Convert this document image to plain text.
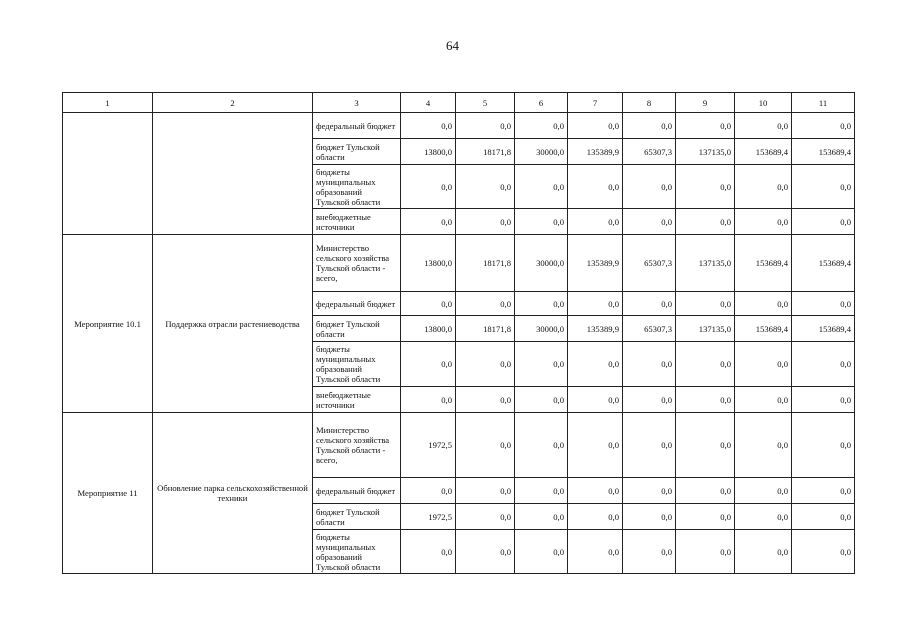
64
1	2	3	4	5	6	7	8	9	10	11
		федеральный бюджет	0,0	0,0	0,0	0,0	0,0	0,0	0,0	0,0
		бюджет Тульской области	13800,0	18171,8	30000,0	135389,9	65307,3	137135,0	153689,4	153689,4
		бюджеты муниципальных образований Тульской области	0,0	0,0	0,0	0,0	0,0	0,0	0,0	0,0
		внебюджетные источники	0,0	0,0	0,0	0,0	0,0	0,0	0,0	0,0
Мероприятие 10.1	Поддержка отрасли растениеводства	Министерство сельского хозяйства Тульской области - всего,	13800,0	18171,8	30000,0	135389,9	65307,3	137135,0	153689,4	153689,4
		федеральный бюджет	0,0	0,0	0,0	0,0	0,0	0,0	0,0	0,0
		бюджет Тульской области	13800,0	18171,8	30000,0	135389,9	65307,3	137135,0	153689,4	153689,4
		бюджеты муниципальных образований Тульской области	0,0	0,0	0,0	0,0	0,0	0,0	0,0	0,0
		внебюджетные источники	0,0	0,0	0,0	0,0	0,0	0,0	0,0	0,0
Мероприятие 11	Обновление парка сельскохозяйственной техники	Министерство сельского хозяйства Тульской области - всего,	1972,5	0,0	0,0	0,0	0,0	0,0	0,0	0,0
		федеральный бюджет	0,0	0,0	0,0	0,0	0,0	0,0	0,0	0,0
		бюджет Тульской области	1972,5	0,0	0,0	0,0	0,0	0,0	0,0	0,0
		бюджеты муниципальных образований Тульской области	0,0	0,0	0,0	0,0	0,0	0,0	0,0	0,0
